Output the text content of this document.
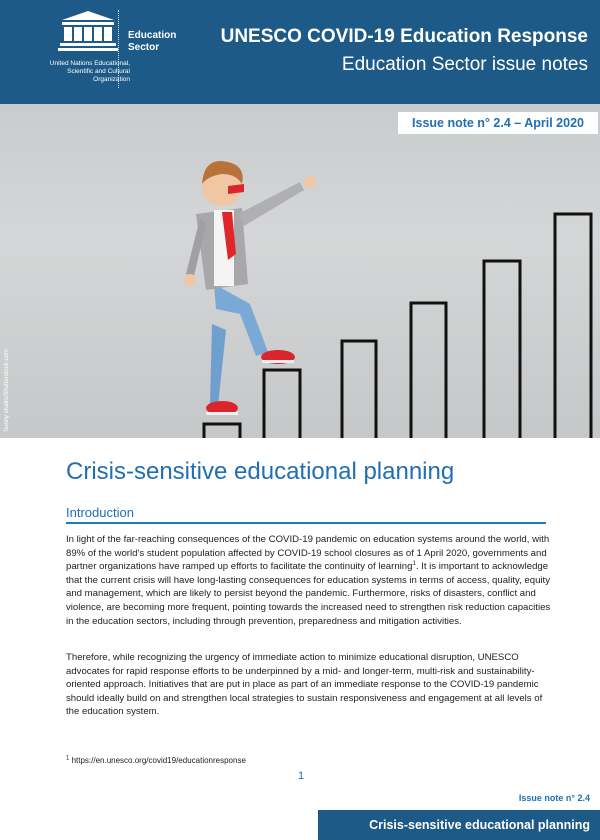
United Nations Educational, Scientific and Cultural Organization
Education Sector
UNESCO COVID-19 Education Response
Education Sector issue notes
Issue note n° 2.4 – April 2020
Sunny studio/Shutterstock.com
Crisis-sensitive educational planning
Introduction
In light of the far-reaching consequences of the COVID-19 pandemic on education systems around the world, with 89% of the world’s student population affected by COVID-19 school closures as of 1 April 2020, governments and partner organizations have ramped up efforts to facilitate the continuity of learning$^1$. It is important to acknowledge that the current crisis will have long-lasting consequences for education systems in terms of access, quality, equity and management, which are likely to persist beyond the pandemic. Furthermore, risks of disasters, conflict and violence, are becoming more frequent, pointing towards the increased need to strengthen risk reduction capacities in the education sectors, including through prevention, preparedness and mitigation activities.
Therefore, while recognizing the urgency of immediate action to minimize educational disruption, UNESCO advocates for rapid response efforts to be underpinned by a mid- and longer-term, multi-risk and sustainability-oriented approach. Initiatives that are put in place as part of an immediate response to the COVID-19 pandemic should ideally build on and strengthen local strategies to sustain responsiveness and engagement at all levels of the education system.
$^1$ https://en.unesco.org/covid19/educationresponse
1
Issue note n° 2.4
Crisis-sensitive educational planning
